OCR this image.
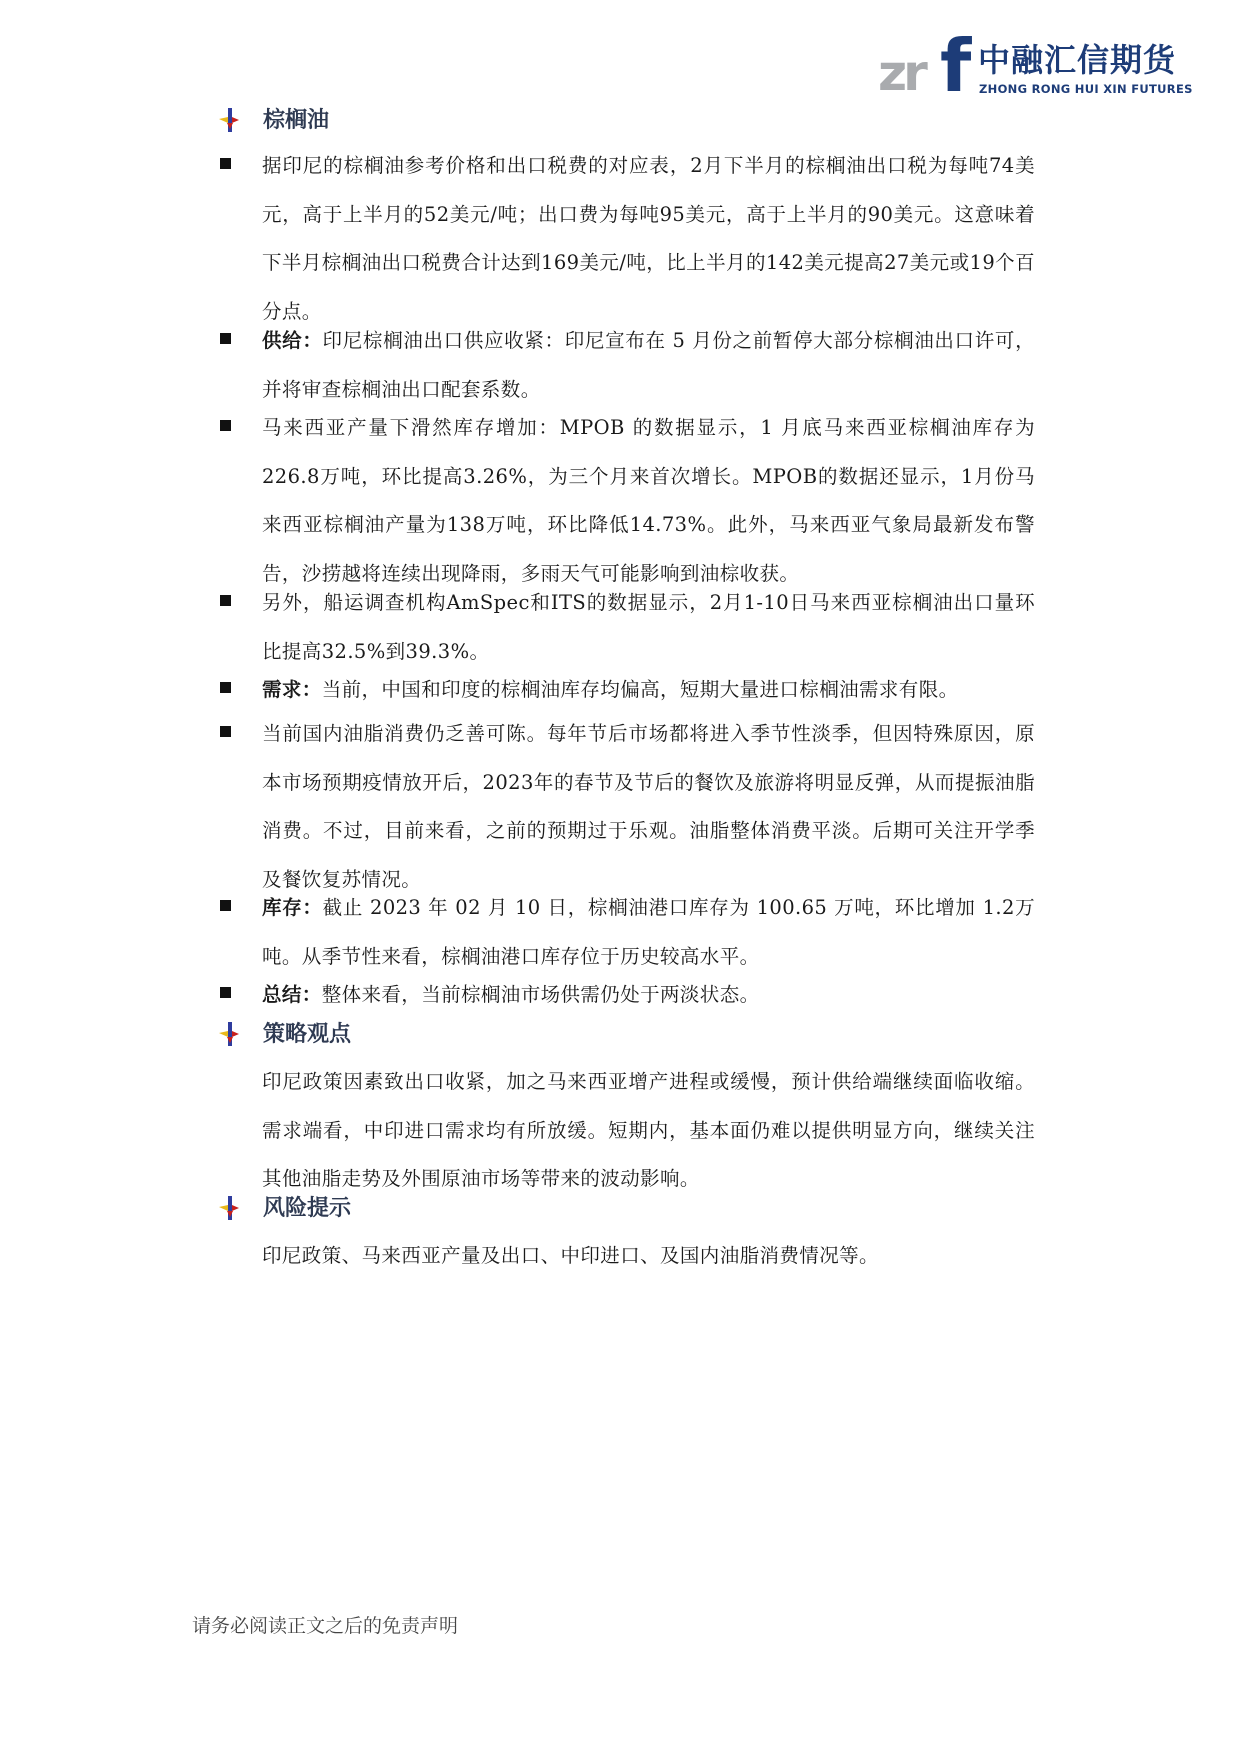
zr f 中融汇信期货
ZHONG RONG HUI XIN FUTURES
棕榈油
据印尼的棕榈油参考价格和出口税费的对应表，2月下半月的棕榈油出口税为每吨74美元，高于上半月的52美元/吨；出口费为每吨95美元，高于上半月的90美元。这意味着下半月棕榈油出口税费合计达到169美元/吨，比上半月的142美元提高27美元或19个百分点。
供给：印尼棕榈油出口供应收紧：印尼宣布在 5 月份之前暂停大部分棕榈油出口许可，并将审查棕榈油出口配套系数。
马来西亚产量下滑然库存增加：MPOB 的数据显示，1 月底马来西亚棕榈油库存为226.8万吨，环比提高3.26%，为三个月来首次增长。MPOB的数据还显示，1月份马来西亚棕榈油产量为138万吨，环比降低14.73%。此外，马来西亚气象局最新发布警告，沙捞越将连续出现降雨，多雨天气可能影响到油棕收获。
另外，船运调查机构AmSpec和ITS的数据显示，2月1-10日马来西亚棕榈油出口量环比提高32.5%到39.3%。
需求：当前，中国和印度的棕榈油库存均偏高，短期大量进口棕榈油需求有限。
当前国内油脂消费仍乏善可陈。每年节后市场都将进入季节性淡季，但因特殊原因，原本市场预期疫情放开后，2023年的春节及节后的餐饮及旅游将明显反弹，从而提振油脂消费。不过，目前来看，之前的预期过于乐观。油脂整体消费平淡。后期可关注开学季及餐饮复苏情况。
库存：截止 2023 年 02 月 10 日，棕榈油港口库存为 100.65 万吨，环比增加 1.2万吨。从季节性来看，棕榈油港口库存位于历史较高水平。
总结：整体来看，当前棕榈油市场供需仍处于两淡状态。
策略观点
印尼政策因素致出口收紧，加之马来西亚增产进程或缓慢，预计供给端继续面临收缩。需求端看，中印进口需求均有所放缓。短期内，基本面仍难以提供明显方向，继续关注其他油脂走势及外围原油市场等带来的波动影响。
风险提示
印尼政策、马来西亚产量及出口、中印进口、及国内油脂消费情况等。
请务必阅读正文之后的免责声明
